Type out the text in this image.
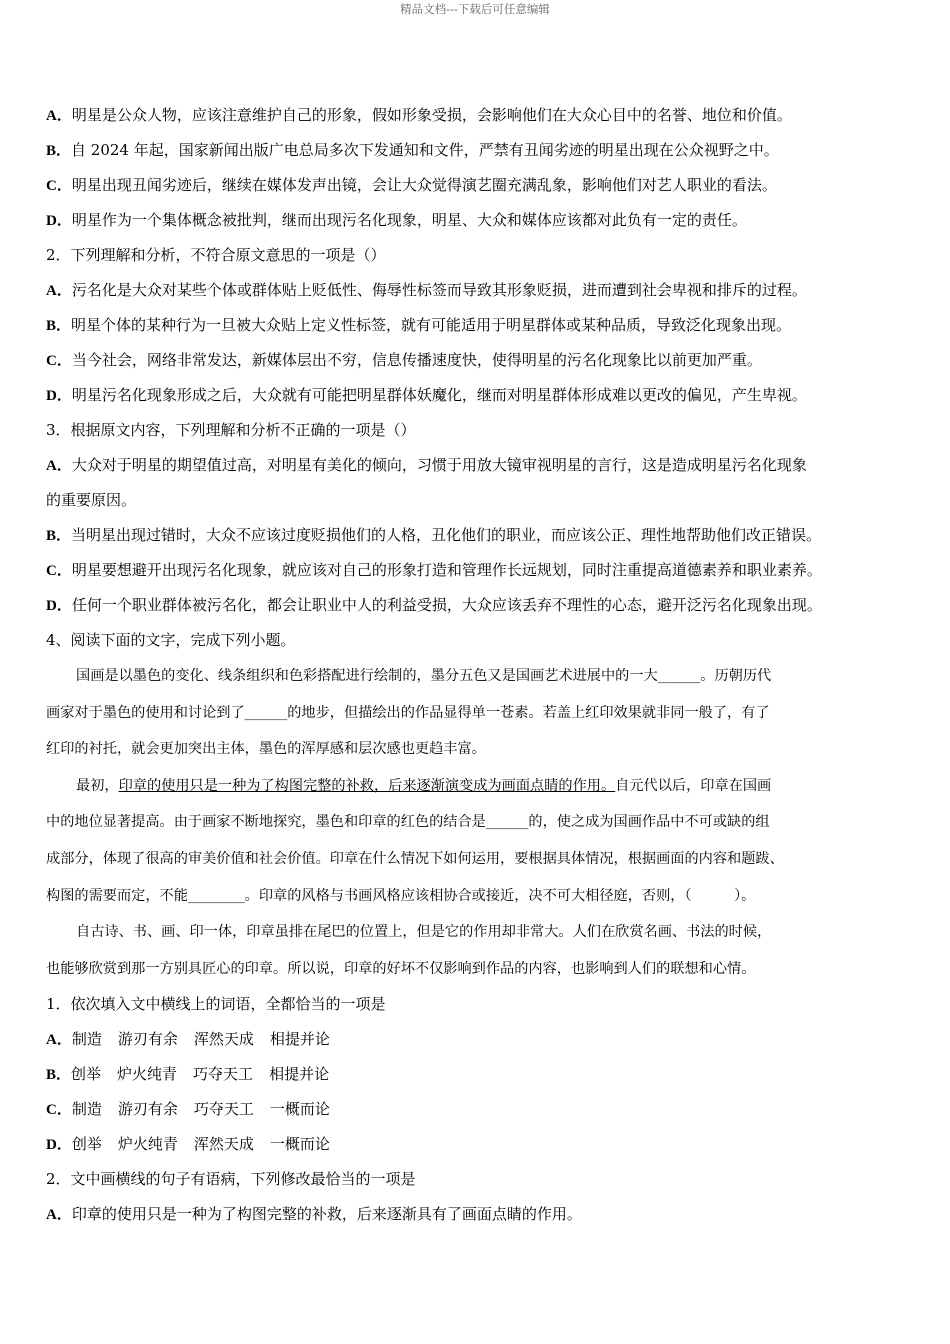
精品文档---下载后可任意编辑
A．明星是公众人物，应该注意维护自己的形象，假如形象受损，会影响他们在大众心目中的名誉、地位和价值。
B．自 2024 年起，国家新闻出版广电总局多次下发通知和文件，严禁有丑闻劣迹的明星出现在公众视野之中。
C．明星出现丑闻劣迹后，继续在媒体发声出镜，会让大众觉得演艺圈充满乱象，影响他们对艺人职业的看法。
D．明星作为一个集体概念被批判，继而出现污名化现象，明星、大众和媒体应该都对此负有一定的责任。
2．下列理解和分析，不符合原文意思的一项是（）
A．污名化是大众对某些个体或群体贴上贬低性、侮辱性标签而导致其形象贬损，进而遭到社会卑视和排斥的过程。
B．明星个体的某种行为一旦被大众贴上定义性标签，就有可能适用于明星群体或某种品质，导致泛化现象出现。
C．当今社会，网络非常发达，新媒体层出不穷，信息传播速度快，使得明星的污名化现象比以前更加严重。
D．明星污名化现象形成之后，大众就有可能把明星群体妖魔化，继而对明星群体形成难以更改的偏见，产生卑视。
3．根据原文内容，下列理解和分析不正确的一项是（）
A．大众对于明星的期望值过高，对明星有美化的倾向，习惯于用放大镜审视明星的言行，这是造成明星污名化现象
的重要原因。
B．当明星出现过错时，大众不应该过度贬损他们的人格，丑化他们的职业，而应该公正、理性地帮助他们改正错误。
C．明星要想避开出现污名化现象，就应该对自己的形象打造和管理作长远规划，同时注重提高道德素养和职业素养。
D．任何一个职业群体被污名化，都会让职业中人的利益受损，大众应该丢弃不理性的心态，避开泛污名化现象出现。
4、阅读下面的文字，完成下列小题。
国画是以墨色的变化、线条组织和色彩搭配进行绘制的，墨分五色又是国画艺术进展中的一大______。历朝历代
画家对于墨色的使用和讨论到了______的地步，但描绘出的作品显得单一苍素。若盖上红印效果就非同一般了，有了
红印的衬托，就会更加突出主体，墨色的浑厚感和层次感也更趋丰富。
最初，印章的使用只是一种为了构图完整的补救，后来逐渐演变成为画面点睛的作用。自元代以后，印章在国画
中的地位显著提高。由于画家不断地探究，墨色和印章的红色的结合是______的，使之成为国画作品中不可或缺的组
成部分，体现了很高的审美价值和社会价值。印章在什么情况下如何运用，要根据具体情况，根据画面的内容和题跋、
构图的需要而定，不能________。印章的风格与书画风格应该相协合或接近，决不可大相径庭，否则，（　　　）。
自古诗、书、画、印一体，印章虽排在尾巴的位置上，但是它的作用却非常大。人们在欣赏名画、书法的时候，
也能够欣赏到那一方别具匠心的印章。所以说，印章的好坏不仅影响到作品的内容，也影响到人们的联想和心情。
1．依次填入文中横线上的词语，全都恰当的一项是
A．制造 游刃有余 浑然天成 相提并论
B．创举 炉火纯青 巧夺天工 相提并论
C．制造 游刃有余 巧夺天工 一概而论
D．创举 炉火纯青 浑然天成 一概而论
2．文中画横线的句子有语病，下列修改最恰当的一项是
A．印章的使用只是一种为了构图完整的补救，后来逐渐具有了画面点睛的作用。
